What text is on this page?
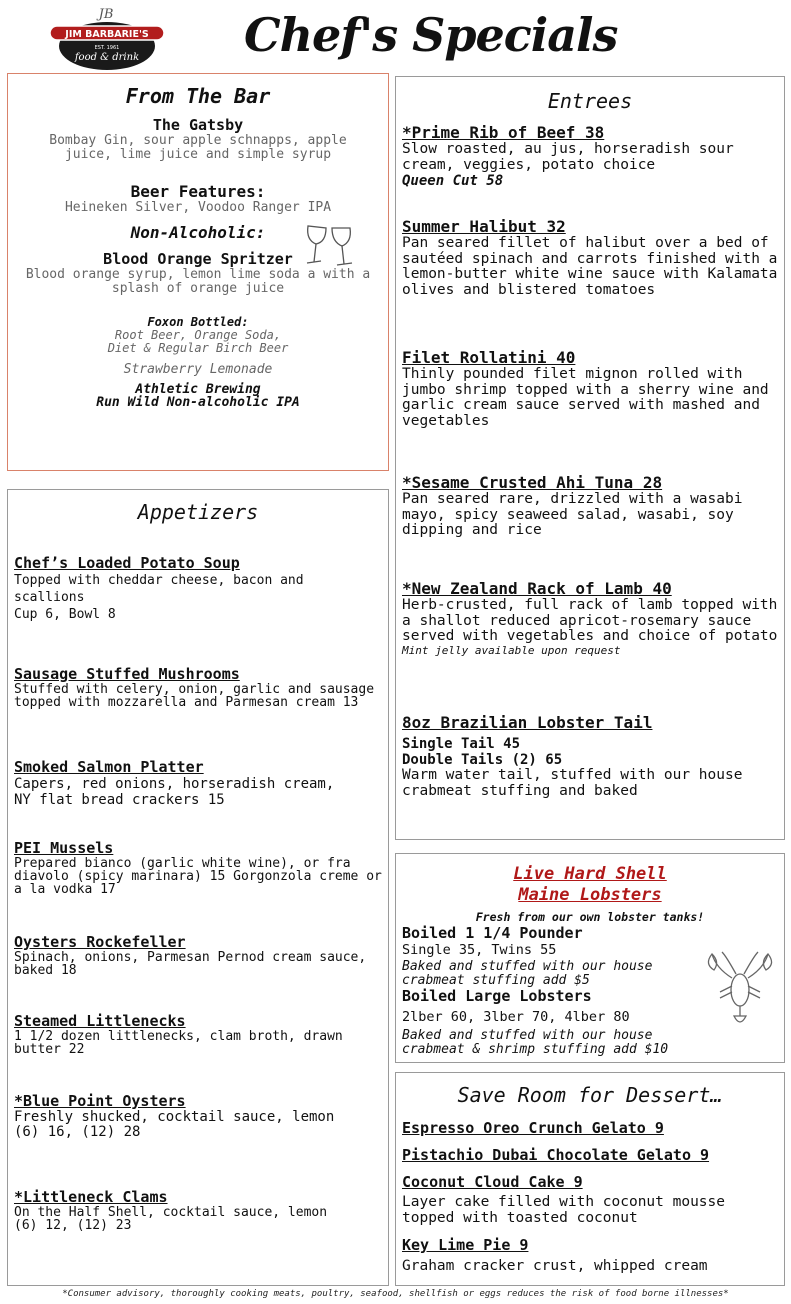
JB
JIM BARBARIE'S
EST. 1961
food & drink Chef's Specials
From The Bar
The Gatsby
Bombay Gin, sour apple schnapps, apple juice, lime juice and simple syrup
Beer Features:
Heineken Silver, Voodoo Ranger IPA
Non-Alcoholic:
Blood Orange Spritzer
Blood orange syrup, lemon lime soda a with a splash of orange juice
Foxon Bottled:
Root Beer, Orange Soda,
Diet & Regular Birch Beer
Strawberry Lemonade
Athletic Brewing
Run Wild Non-alcoholic IPA
Appetizers
Chef’s Loaded Potato Soup
Topped with cheddar cheese, bacon and scallions
Cup 6, Bowl 8
Sausage Stuffed Mushrooms
Stuffed with celery, onion, garlic and sausage topped with mozzarella and Parmesan cream 13
Smoked Salmon Platter
Capers, red onions, horseradish cream, NY flat bread crackers 15
PEI Mussels
Prepared bianco (garlic white wine), or fra diavolo (spicy marinara) 15 Gorgonzola creme or a la vodka 17
Oysters Rockefeller
Spinach, onions, Parmesan Pernod cream sauce, baked 18
Steamed Littlenecks
1 1/2 dozen littlenecks, clam broth, drawn butter 22
*Blue Point Oysters
Freshly shucked, cocktail sauce, lemon (6) 16, (12) 28
*Littleneck Clams
On the Half Shell, cocktail sauce, lemon (6) 12, (12) 23
Entrees
*Prime Rib of Beef 38
Slow roasted, au jus, horseradish sour cream, veggies, potato choice
Queen Cut 58
Summer Halibut 32
Pan seared fillet of halibut over a bed of sautéed spinach and carrots finished with a lemon-butter white wine sauce with Kalamata olives and blistered tomatoes
Filet Rollatini 40
Thinly pounded filet mignon rolled with jumbo shrimp topped with a sherry wine and garlic cream sauce served with mashed and vegetables
*Sesame Crusted Ahi Tuna 28
Pan seared rare, drizzled with a wasabi mayo, spicy seaweed salad, wasabi, soy dipping and rice
*New Zealand Rack of Lamb 40
Herb-crusted, full rack of lamb topped with a shallot reduced apricot-rosemary sauce served with vegetables and choice of potato
Mint jelly available upon request
8oz Brazilian Lobster Tail
Single Tail 45
Double Tails (2) 65
Warm water tail, stuffed with our house crabmeat stuffing and baked
Live Hard Shell
Maine Lobsters
Fresh from our own lobster tanks!
Boiled 1 1/4 Pounder
Single 35, Twins 55
Baked and stuffed with our house crabmeat stuffing add $5
Boiled Large Lobsters
2lber 60, 3lber 70, 4lber 80
Baked and stuffed with our house crabmeat & shrimp stuffing add $10
Save Room for Dessert…
Espresso Oreo Crunch Gelato 9
Pistachio Dubai Chocolate Gelato 9
Coconut Cloud Cake 9
Layer cake filled with coconut mousse topped with toasted coconut
Key Lime Pie 9
Graham cracker crust, whipped cream
*Consumer advisory, thoroughly cooking meats, poultry, seafood, shellfish or eggs reduces the risk of food borne illnesses*
